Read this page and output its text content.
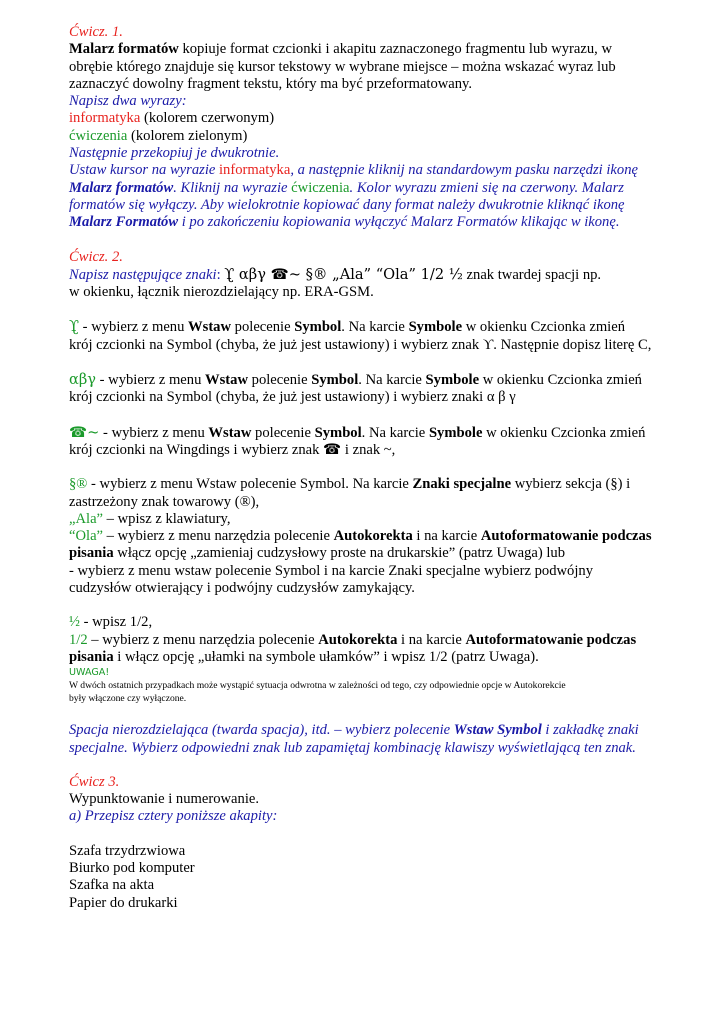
Ćwicz. 1.

Malarz formatów kopiuje format czcionki i akapitu zaznaczonego fragmentu lub wyrazu, w

obrębie którego znajduje się kursor tekstowy w wybrane miejsce – można wskazać wyraz lub

zaznaczyć dowolny fragment tekstu, który ma być przeformatowany.

Napisz dwa wyrazy:

informatyka (kolorem czerwonym)

ćwiczenia (kolorem zielonym)

Następnie przekopiuj je dwukrotnie.

Ustaw kursor na wyrazie informatyka, a następnie kliknij na standardowym pasku narzędzi ikonę

Malarz formatów. Kliknij na wyrazie ćwiczenia. Kolor wyrazu zmieni się na czerwony. Malarz

formatów się wyłączy. Aby wielokrotnie kopiować dany format należy dwukrotnie kliknąć ikonę

Malarz Formatów i po zakończeniu kopiowania wyłączyć Malarz Formatów klikając w ikonę.

Ćwicz. 2.

Napisz następujące znaki: ϒ̢ αβγ ☎~ §® „Ala” “Ola” 1/2 ½ znak twardej spacji np.

w okienku, łącznik nierozdzielający np. ERA-GSM.

ϒ̢ - wybierz z menu Wstaw polecenie Symbol. Na karcie Symbole w okienku Czcionka zmień

krój czcionki na Symbol (chyba, że już jest ustawiony) i wybierz znak ϒ. Następnie dopisz literę C,

αβγ - wybierz z menu Wstaw polecenie Symbol. Na karcie Symbole w okienku Czcionka zmień

krój czcionki na Symbol (chyba, że już jest ustawiony) i wybierz znaki α β γ

☎~ - wybierz z menu Wstaw polecenie Symbol. Na karcie Symbole w okienku Czcionka zmień

krój czcionki na Wingdings i wybierz znak ☎ i znak ~,

§® - wybierz z menu Wstaw polecenie Symbol. Na karcie Znaki specjalne wybierz sekcja (§) i

zastrzeżony znak towarowy (®),

„Ala” – wpisz z klawiatury,

“Ola” – wybierz z menu narzędzia polecenie Autokorekta i na karcie Autoformatowanie podczas

pisania włącz opcję „zamieniaj cudzysłowy proste na drukarskie” (patrz Uwaga) lub

- wybierz z menu wstaw polecenie Symbol i na karcie Znaki specjalne wybierz podwójny

cudzysłów otwierający i podwójny cudzysłów zamykający.

½ - wpisz 1/2,

1/2 – wybierz z menu narzędzia polecenie Autokorekta i na karcie Autoformatowanie podczas

pisania i włącz opcję „ułamki na symbole ułamków” i wpisz 1/2 (patrz Uwaga).

UWAGA!

W dwóch ostatnich przypadkach może wystąpić sytuacja odwrotna w zależności od tego, czy odpowiednie opcje w Autokorekcie

były włączone czy wyłączone.

Spacja nierozdzielająca (twarda spacja), itd. – wybierz polecenie Wstaw Symbol i zakładkę znaki

specjalne. Wybierz odpowiedni znak lub zapamiętaj kombinację klawiszy wyświetlającą ten znak.

Ćwicz 3.

Wypunktowanie i numerowanie.

a) Przepisz cztery poniższe akapity:

Szafa trzydrzwiowa

Biurko pod komputer

Szafka na akta

Papier do drukarki
